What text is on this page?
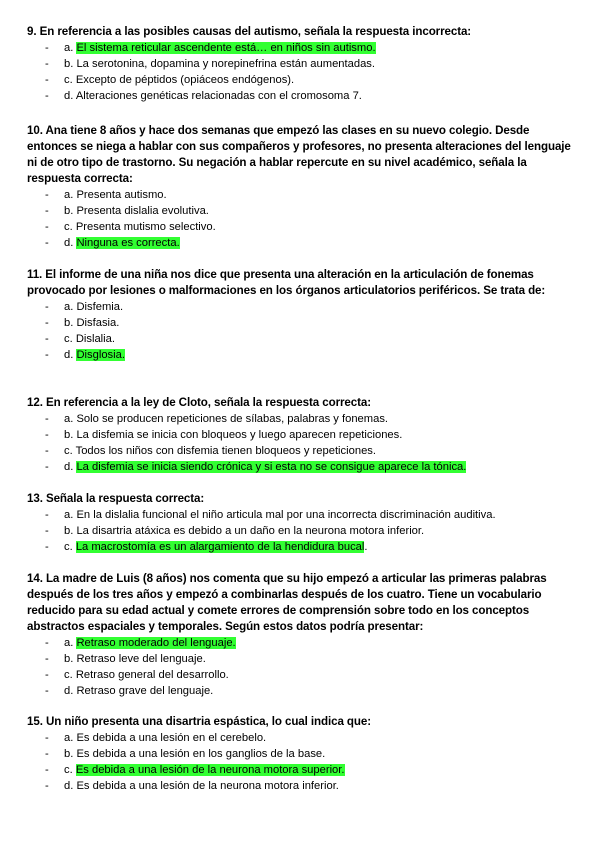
9. En referencia a las posibles causas del autismo, señala la respuesta incorrecta:

- a. El sistema reticular ascendente está… en niños sin autismo.
- b. La serotonina, dopamina y norepinefrina están aumentadas.
- c. Excepto de péptidos (opiáceos endógenos).
- d. Alteraciones genéticas relacionadas con el cromosoma 7.

10. Ana tiene 8 años y hace dos semanas que empezó las clases en su nuevo colegio. Desde entonces se niega a hablar con sus compañeros y profesores, no presenta alteraciones del lenguaje ni de otro tipo de trastorno. Su negación a hablar repercute en su nivel académico, señala la respuesta correcta:

- a. Presenta autismo.
- b. Presenta dislalia evolutiva.
- c. Presenta mutismo selectivo.
- d. Ninguna es correcta.

11. El informe de una niña nos dice que presenta una alteración en la articulación de fonemas provocado por lesiones o malformaciones en los órganos articulatorios periféricos. Se trata de:

- a. Disfemia.
- b. Disfasia.
- c. Dislalia.
- d. Disglosia.

12. En referencia a la ley de Cloto, señala la respuesta correcta:

- a. Solo se producen repeticiones de sílabas, palabras y fonemas.
- b. La disfemia se inicia con bloqueos y luego aparecen repeticiones.
- c. Todos los niños con disfemia tienen bloqueos y repeticiones.
- d. La disfemia se inicia siendo crónica y si esta no se consigue aparece la tónica.

13. Señala la respuesta correcta:

- a. En la dislalia funcional el niño articula mal por una incorrecta discriminación auditiva.
- b. La disartria atáxica es debido a un daño en la neurona motora inferior.
- c. La macrostomía es un alargamiento de la hendidura bucal.

14. La madre de Luis (8 años) nos comenta que su hijo empezó a articular las primeras palabras después de los tres años y empezó a combinarlas después de los cuatro. Tiene un vocabulario reducido para su edad actual y comete errores de comprensión sobre todo en los conceptos abstractos espaciales y temporales. Según estos datos podría presentar:

- a. Retraso moderado del lenguaje.
- b. Retraso leve del lenguaje.
- c. Retraso general del desarrollo.
- d. Retraso grave del lenguaje.

15. Un niño presenta una disartria espástica, lo cual indica que:

- a. Es debida a una lesión en el cerebelo.
- b. Es debida a una lesión en los ganglios de la base.
- c. Es debida a una lesión de la neurona motora superior.
- d. Es debida a una lesión de la neurona motora inferior.
